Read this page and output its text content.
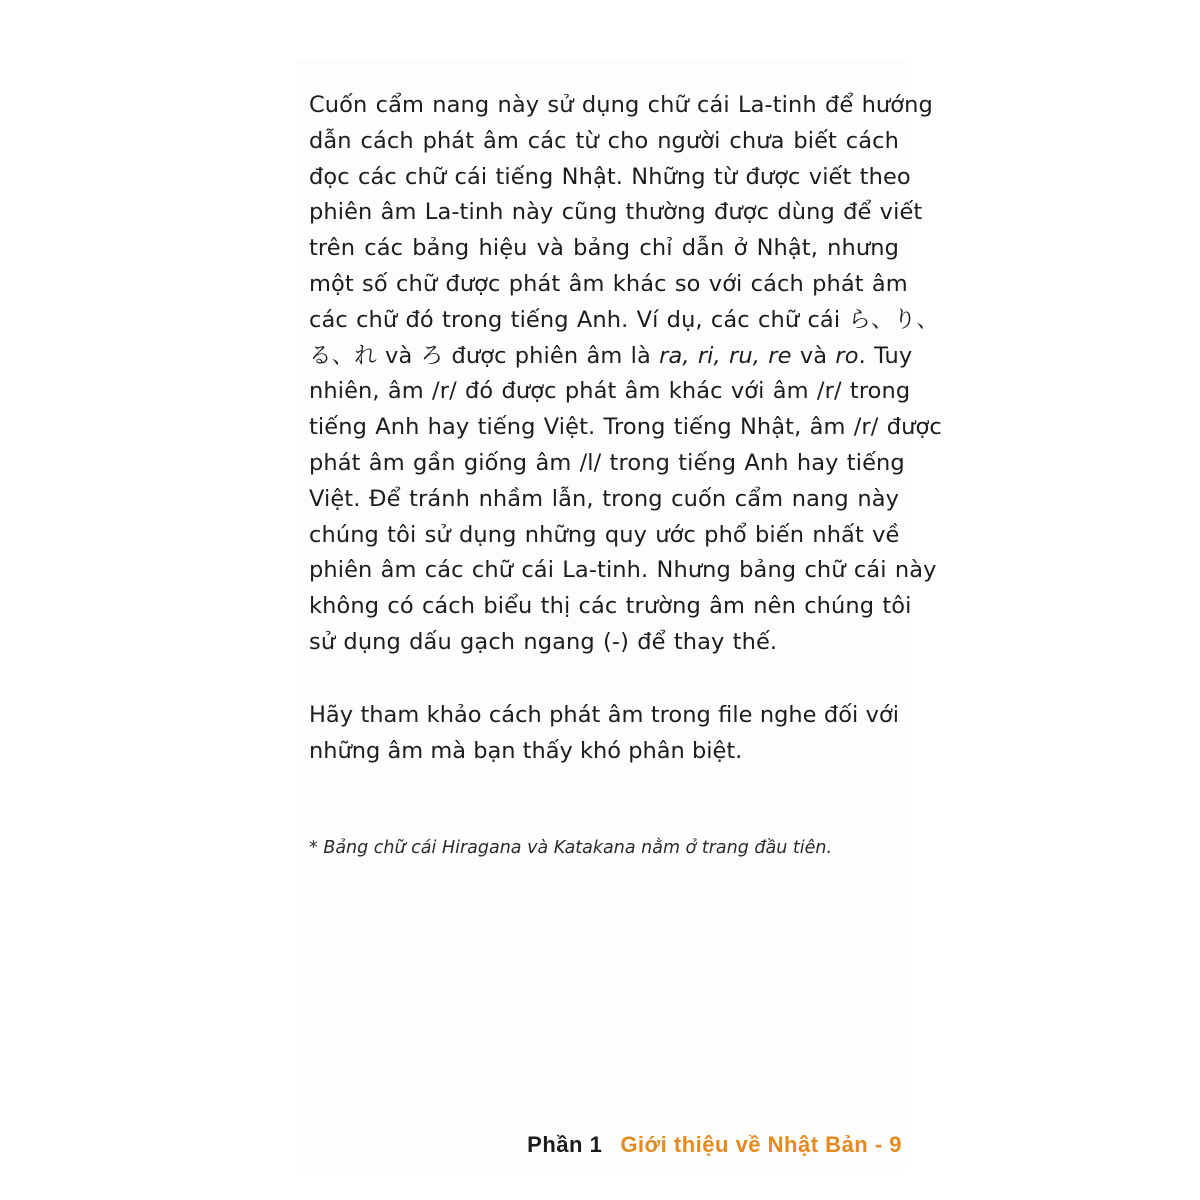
Cuốn cẩm nang này sử dụng chữ cái La-tinh để hướng
dẫn cách phát âm các từ cho người chưa biết cách
đọc các chữ cái tiếng Nhật. Những từ được viết theo
phiên âm La-tinh này cũng thường được dùng để viết
trên các bảng hiệu và bảng chỉ dẫn ở Nhật, nhưng
một số chữ được phát âm khác so với cách phát âm
các chữ đó trong tiếng Anh. Ví dụ, các chữ cái ら、り、
る、れ và ろ được phiên âm là ra, ri, ru, re và ro. Tuy
nhiên, âm /r/ đó được phát âm khác với âm /r/ trong
tiếng Anh hay tiếng Việt. Trong tiếng Nhật, âm /r/ được
phát âm gần giống âm /l/ trong tiếng Anh hay tiếng
Việt. Để tránh nhầm lẫn, trong cuốn cẩm nang này
chúng tôi sử dụng những quy ước phổ biến nhất về
phiên âm các chữ cái La-tinh. Nhưng bảng chữ cái này
không có cách biểu thị các trường âm nên chúng tôi
sử dụng dấu gạch ngang (-) để thay thế.
Hãy tham khảo cách phát âm trong file nghe đối với
những âm mà bạn thấy khó phân biệt.
* Bảng chữ cái Hiragana và Katakana nằm ở trang đầu tiên.
Phần 1 Giới thiệu về Nhật Bản - 9
